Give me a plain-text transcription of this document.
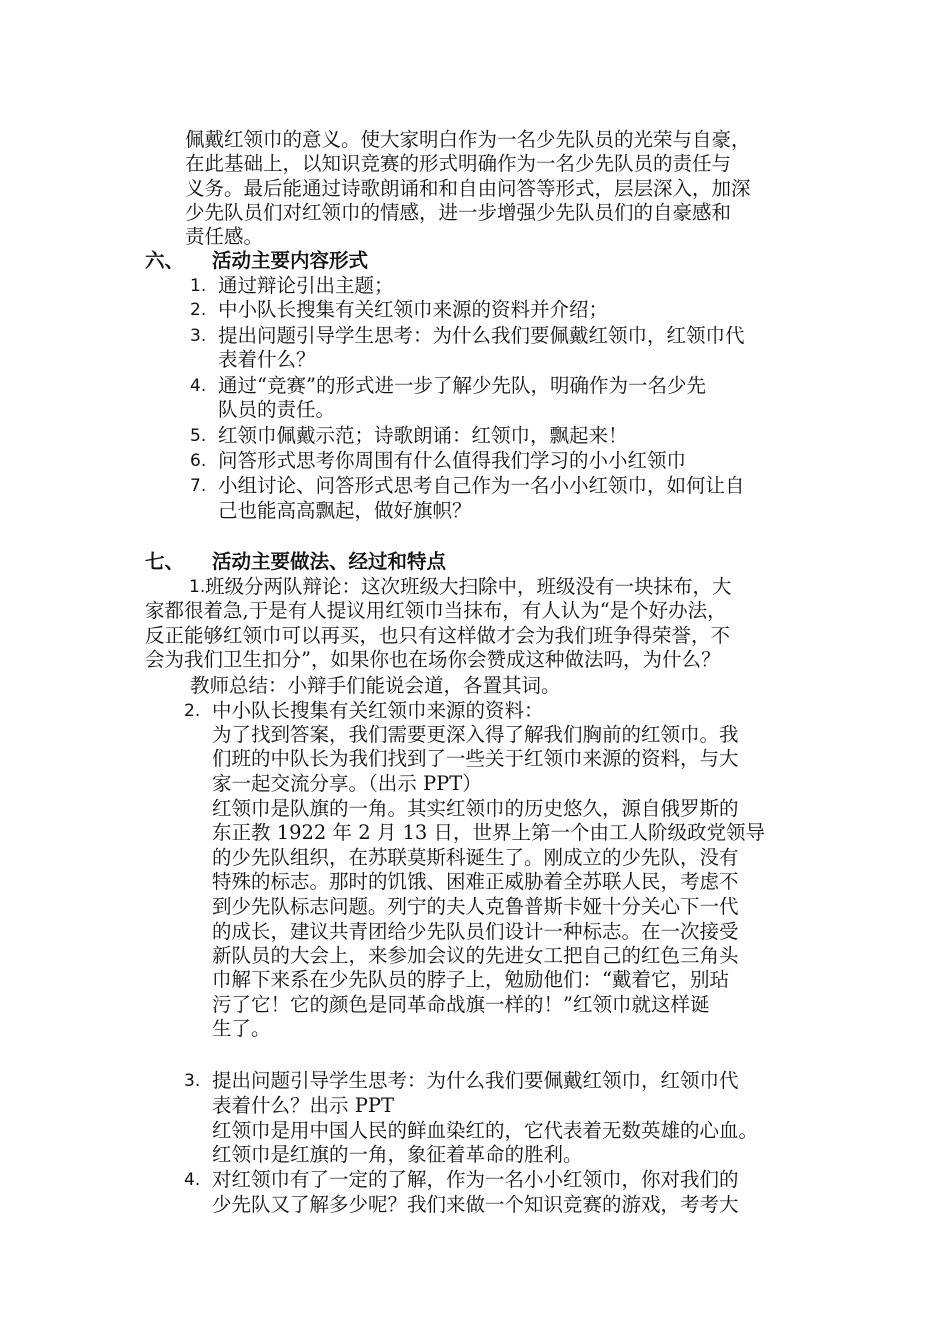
佩戴红领巾的意义。使大家明白作为一名少先队员的光荣与自豪，
在此基础上，以知识竞赛的形式明确作为一名少先队员的责任与
义务。最后能通过诗歌朗诵和和自由问答等形式，层层深入，加深
少先队员们对红领巾的情感，进一步增强少先队员们的自豪感和
责任感。
六、 活动主要内容形式
1. 通过辩论引出主题；
2. 中小队长搜集有关红领巾来源的资料并介绍；
3. 提出问题引导学生思考：为什么我们要佩戴红领巾，红领巾代
表着什么？
4. 通过“竞赛”的形式进一步了解少先队，明确作为一名少先
队员的责任。
5. 红领巾佩戴示范；诗歌朗诵：红领巾，飘起来！
6. 问答形式思考你周围有什么值得我们学习的小小红领巾
7. 小组讨论、问答形式思考自己作为一名小小红领巾，如何让自
己也能高高飘起，做好旗帜？
七、 活动主要做法、经过和特点
1. 班级分两队辩论：这次班级大扫除中，班级没有一块抹布，大
家都很着急,于是有人提议用红领巾当抹布，有人认为“是个好办法，
反正能够红领巾可以再买，也只有这样做才会为我们班争得荣誉，不
会为我们卫生扣分”，如果你也在场你会赞成这种做法吗，为什么？
教师总结：小辩手们能说会道，各置其词。
2. 中小队长搜集有关红领巾来源的资料：
为了找到答案，我们需要更深入得了解我们胸前的红领巾。我
们班的中队长为我们找到了一些关于红领巾来源的资料，与大
家一起交流分享。（出示 PPT）
红领巾是队旗的一角。其实红领巾的历史悠久，源自俄罗斯的
东正教 1922 年 2 月 13 日，世界上第一个由工人阶级政党领导
的少先队组织，在苏联莫斯科诞生了。刚成立的少先队，没有
特殊的标志。那时的饥饿、困难正威胁着全苏联人民，考虑不
到少先队标志问题。列宁的夫人克鲁普斯卡娅十分关心下一代
的成长，建议共青团给少先队员们设计一种标志。在一次接受
新队员的大会上，来参加会议的先进女工把自己的红色三角头
巾解下来系在少先队员的脖子上，勉励他们：“戴着它，别玷
污了它！它的颜色是同革命战旗一样的！”红领巾就这样诞
生了。
3. 提出问题引导学生思考：为什么我们要佩戴红领巾，红领巾代
表着什么？出示 PPT
红领巾是用中国人民的鲜血染红的，它代表着无数英雄的心血。
红领巾是红旗的一角，象征着革命的胜利。
4. 对红领巾有了一定的了解，作为一名小小红领巾，你对我们的
少先队又了解多少呢？我们来做一个知识竞赛的游戏，考考大
